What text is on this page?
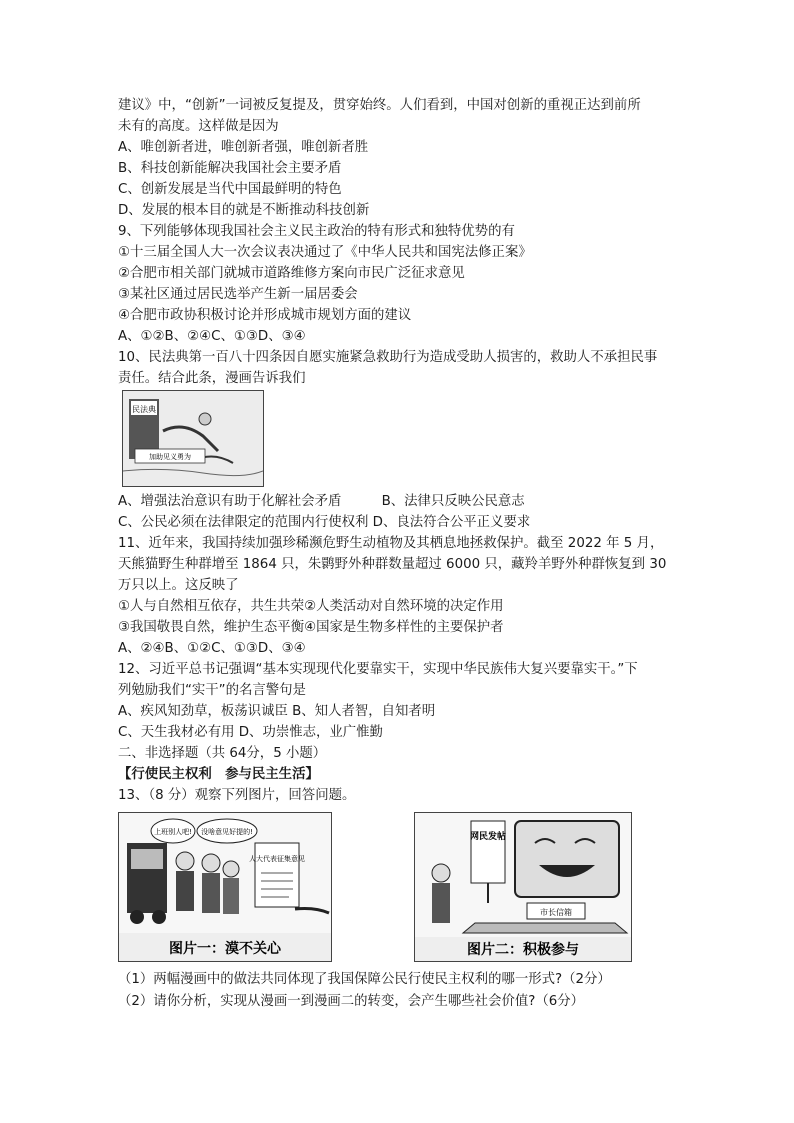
建议》中，“创新”一词被反复提及，贯穿始终。人们看到，中国对创新的重视正达到前所
未有的高度。这样做是因为
A、唯创新者进，唯创新者强，唯创新者胜
B、科技创新能解决我国社会主要矛盾
C、创新发展是当代中国最鲜明的特色
D、发展的根本目的就是不断推动科技创新
9、下列能够体现我国社会主义民主政治的特有形式和独特优势的有
①十三届全国人大一次会议表决通过了《中华人民共和国宪法修正案》
②合肥市相关部门就城市道路维修方案向市民广泛征求意见
③某社区通过居民选举产生新一届居委会
④合肥市政协积极讨论并形成城市规划方面的建议
A、①②B、②④C、①③D、③④
10、民法典第一百八十四条因自愿实施紧急救助行为造成受助人损害的，救助人不承担民事
责任。结合此条，漫画告诉我们
民法典
加助见义勇为
A、增强法治意识有助于化解社会矛盾　　　B、法律只反映公民意志
C、公民必须在法律限定的范围内行使权利 D、良法符合公平正义要求
11、近年来，我国持续加强珍稀濒危野生动植物及其栖息地拯救保护。截至 2022 年 5 月，
天熊猫野生种群增至 1864 只，朱鹮野外种群数量超过 6000 只，藏羚羊野外种群恢复到 30
万只以上。这反映了
①人与自然相互依存，共生共荣②人类活动对自然环境的决定作用
③我国敬畏自然，维护生态平衡④国家是生物多样性的主要保护者
A、②④B、①②C、①③D、③④
12、习近平总书记强调“基本实现现代化要靠实干，实现中华民族伟大复兴要靠实干。”下
列勉励我们“实干”的名言警句是
A、疾风知劲草，板荡识诚臣 B、知人者智，自知者明
C、天生我材必有用 D、功崇惟志，业广惟勤
二、非选择题（共 64分，5 小题）
【行使民主权利　参与民主生活】
13、（8 分）观察下列图片，回答问题。
上班别人吧! 没啥意见好提的!
人大代表征集意见
图片一：漠不关心
网民发帖
市长信箱
图片二：积极参与
（1）两幅漫画中的做法共同体现了我国保障公民行使民主权利的哪一形式?（2分）
（2）请你分析，实现从漫画一到漫画二的转变，会产生哪些社会价值?（6分）
